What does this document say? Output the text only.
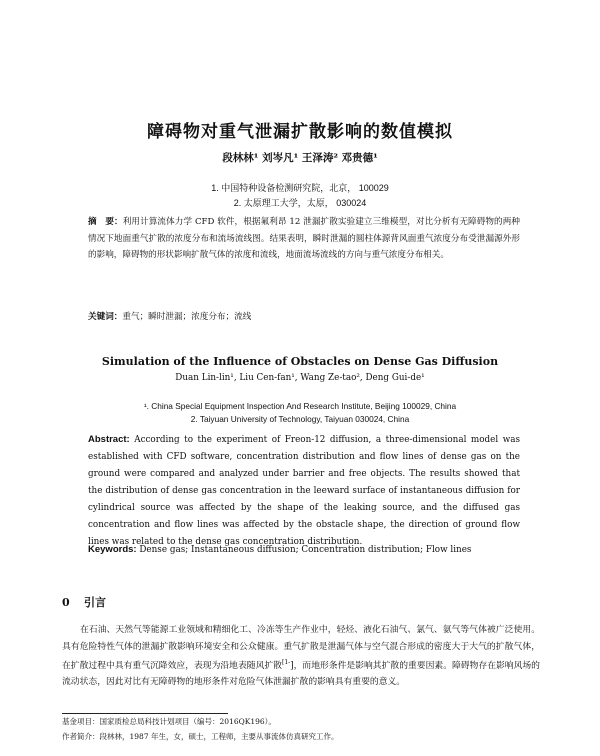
障碍物对重气泄漏扩散影响的数值模拟
段林林¹ 刘岑凡¹ 王泽涛² 邓贵德¹
1. 中国特种设备检测研究院，北京， 100029
2. 太原理工大学，太原， 030024
摘　要：利用计算流体力学 CFD 软件，根据氟利昂 12 泄漏扩散实验建立三维模型，对比分析有无障碍物的两种情况下地面重气扩散的浓度分布和流场流线图。结果表明，瞬时泄漏的圆柱体源背风面重气浓度分布受泄漏源外形的影响，障碍物的形状影响扩散气体的浓度和流线，地面流场流线的方向与重气浓度分布相关。
关键词：重气；瞬时泄漏；浓度分布；流线
Simulation of the Influence of Obstacles on Dense Gas Diffusion
Duan Lin-lin¹, Liu Cen-fan¹, Wang Ze-tao², Deng Gui-de¹
¹. China Special Equipment Inspection And Research Institute, Beijing 100029, China
2. Taiyuan University of Technology, Taiyuan 030024, China
Abstract: According to the experiment of Freon-12 diffusion, a three-dimensional model was established with CFD software, concentration distribution and flow lines of dense gas on the ground were compared and analyzed under barrier and free objects. The results showed that the distribution of dense gas concentration in the leeward surface of instantaneous diffusion for cylindrical source was affected by the shape of the leaking source, and the diffused gas concentration and flow lines was affected by the obstacle shape, the direction of ground flow lines was related to the dense gas concentration distribution.
Keywords: Dense gas; Instantaneous diffusion; Concentration distribution; Flow lines
0 引言
在石油、天然气等能源工业领域和精细化工、冷冻等生产作业中，轻烃、液化石油气、氯气、氨气等气体被广泛使用。具有危险特性气体的泄漏扩散影响环境安全和公众健康。重气扩散是泄漏气体与空气混合形成的密度大于大气的扩散气体，在扩散过程中具有重气沉降效应，表现为沿地表随风扩散$^{[1-}$]，而地形条件是影响其扩散的重要因素。障碍物存在影响风场的流动状态，因此对比有无障碍物的地形条件对危险气体泄漏扩散的影响具有重要的意义。
基金项目：国家质检总局科技计划项目（编号：2016QK196）。
作者简介：段林林，1987 年生，女，硕士，工程师，主要从事流体仿真研究工作。
